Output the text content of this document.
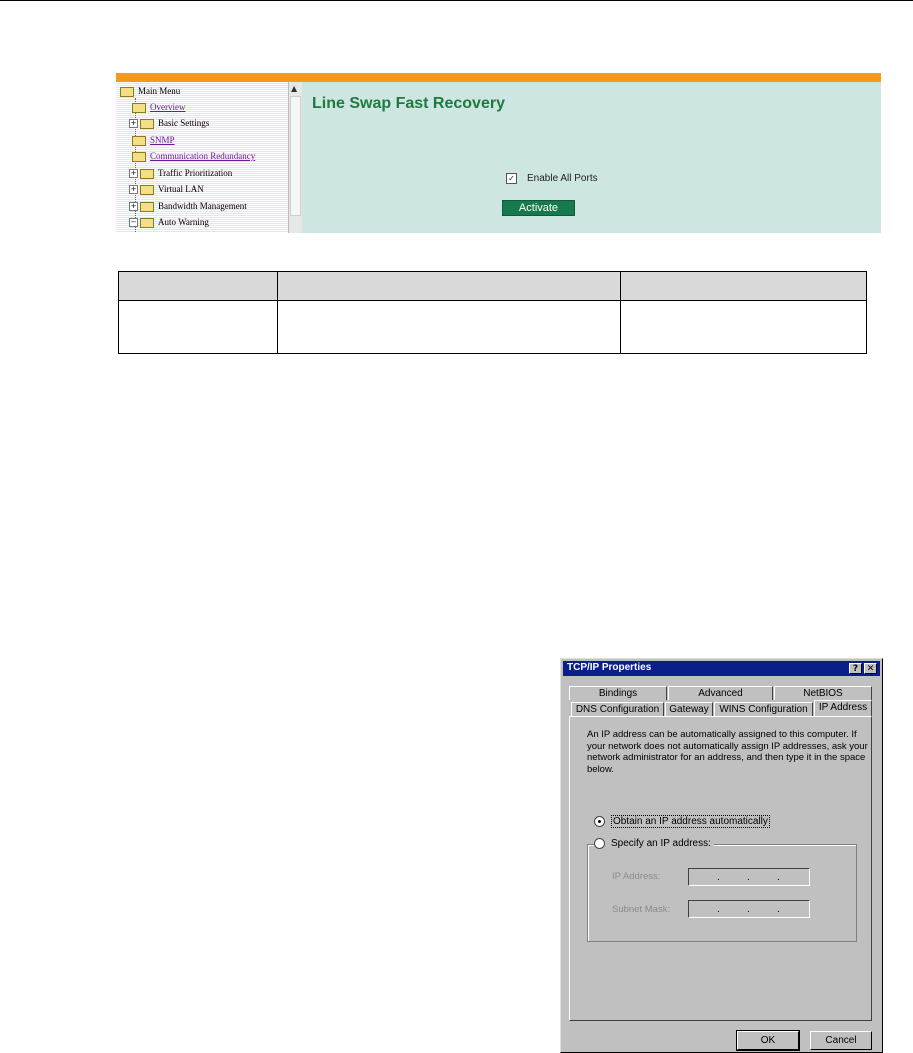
Main Menu
Overview
+ Basic Settings
SNMP
Communication Redundancy
+ Traffic Prioritization
+ Virtual LAN
+ Bandwidth Management
− Auto Warning
▲
Line Swap Fast Recovery
✓ Enable All Ports
Activate

TCP/IP Properties	? ✕
Bindings	Advanced	NetBIOS
DNS Configuration	Gateway	WINS Configuration	IP Address
An IP address can be automatically assigned to this computer. If your network does not automatically assign IP addresses, ask your network administrator for an address, and then type it in the space below.
Obtain an IP address automatically
Specify an IP address:
IP Address:	.	.	.
Subnet Mask:	.	.	.
OK	Cancel
